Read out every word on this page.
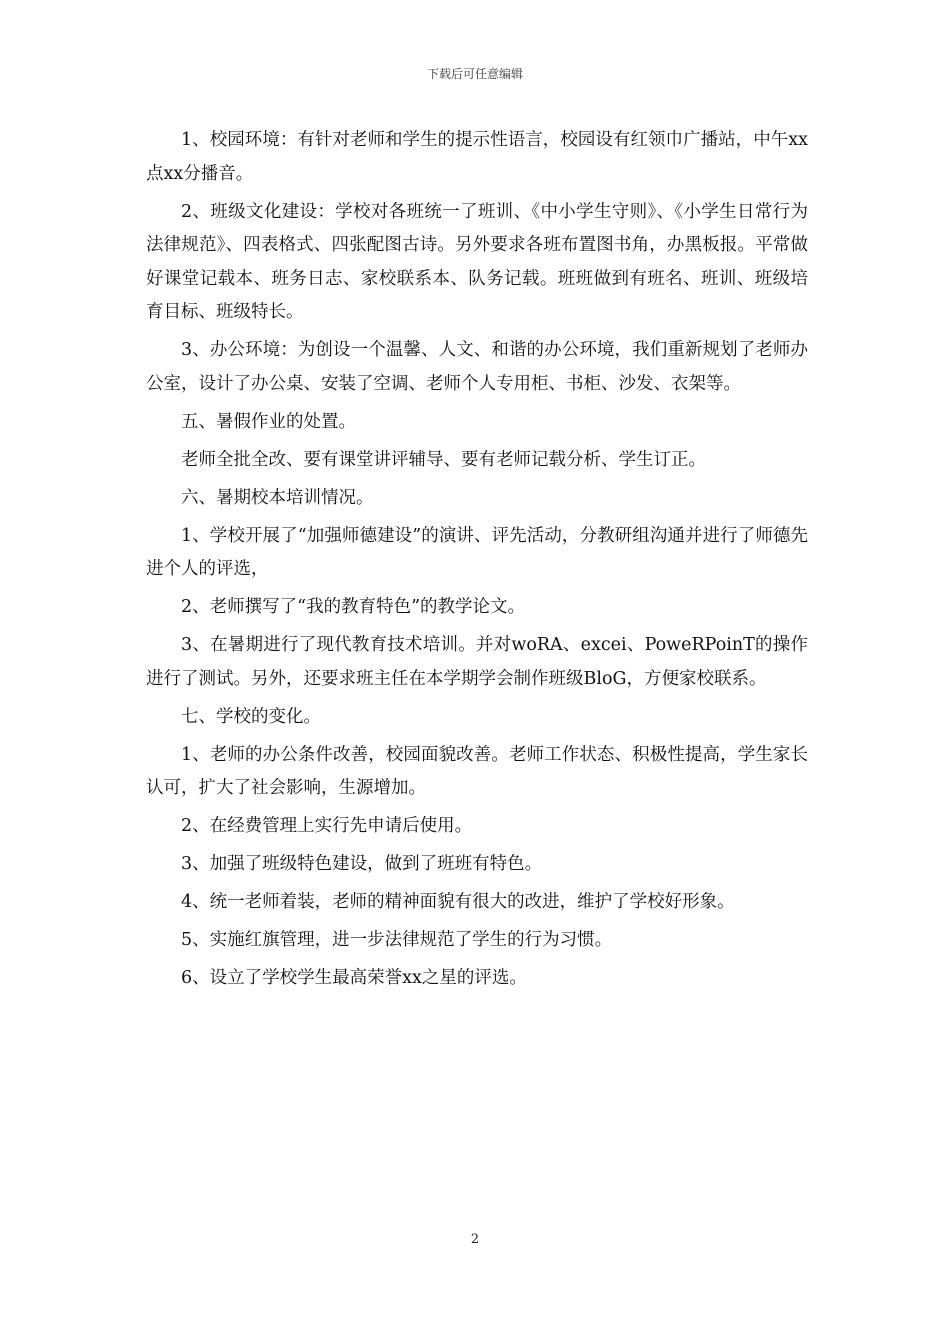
下载后可任意编辑

1、校园环境：有针对老师和学生的提示性语言，校园设有红领巾广播站，中午xx点xx分播音。

2、班级文化建设：学校对各班统一了班训、《中小学生守则》、《小学生日常行为法律规范》、四表格式、四张配图古诗。另外要求各班布置图书角，办黑板报。平常做好课堂记载本、班务日志、家校联系本、队务记载。班班做到有班名、班训、班级培育目标、班级特长。

3、办公环境：为创设一个温馨、人文、和谐的办公环境，我们重新规划了老师办公室，设计了办公桌、安装了空调、老师个人专用柜、书柜、沙发、衣架等。

五、暑假作业的处置。

老师全批全改、要有课堂讲评辅导、要有老师记载分析、学生订正。

六、暑期校本培训情况。

1、学校开展了“加强师德建设”的演讲、评先活动，分教研组沟通并进行了师德先进个人的评选，

2、老师撰写了“我的教育特色”的教学论文。

3、在暑期进行了现代教育技术培训。并对woRA、excei、PoweRPoinT的操作进行了测试。另外，还要求班主任在本学期学会制作班级BloG，方便家校联系。

七、学校的变化。

1、老师的办公条件改善，校园面貌改善。老师工作状态、积极性提高，学生家长认可，扩大了社会影响，生源增加。

2、在经费管理上实行先申请后使用。

3、加强了班级特色建设，做到了班班有特色。

4、统一老师着装，老师的精神面貌有很大的改进，维护了学校好形象。

5、实施红旗管理，进一步法律规范了学生的行为习惯。

6、设立了学校学生最高荣誉xx之星的评选。

2
